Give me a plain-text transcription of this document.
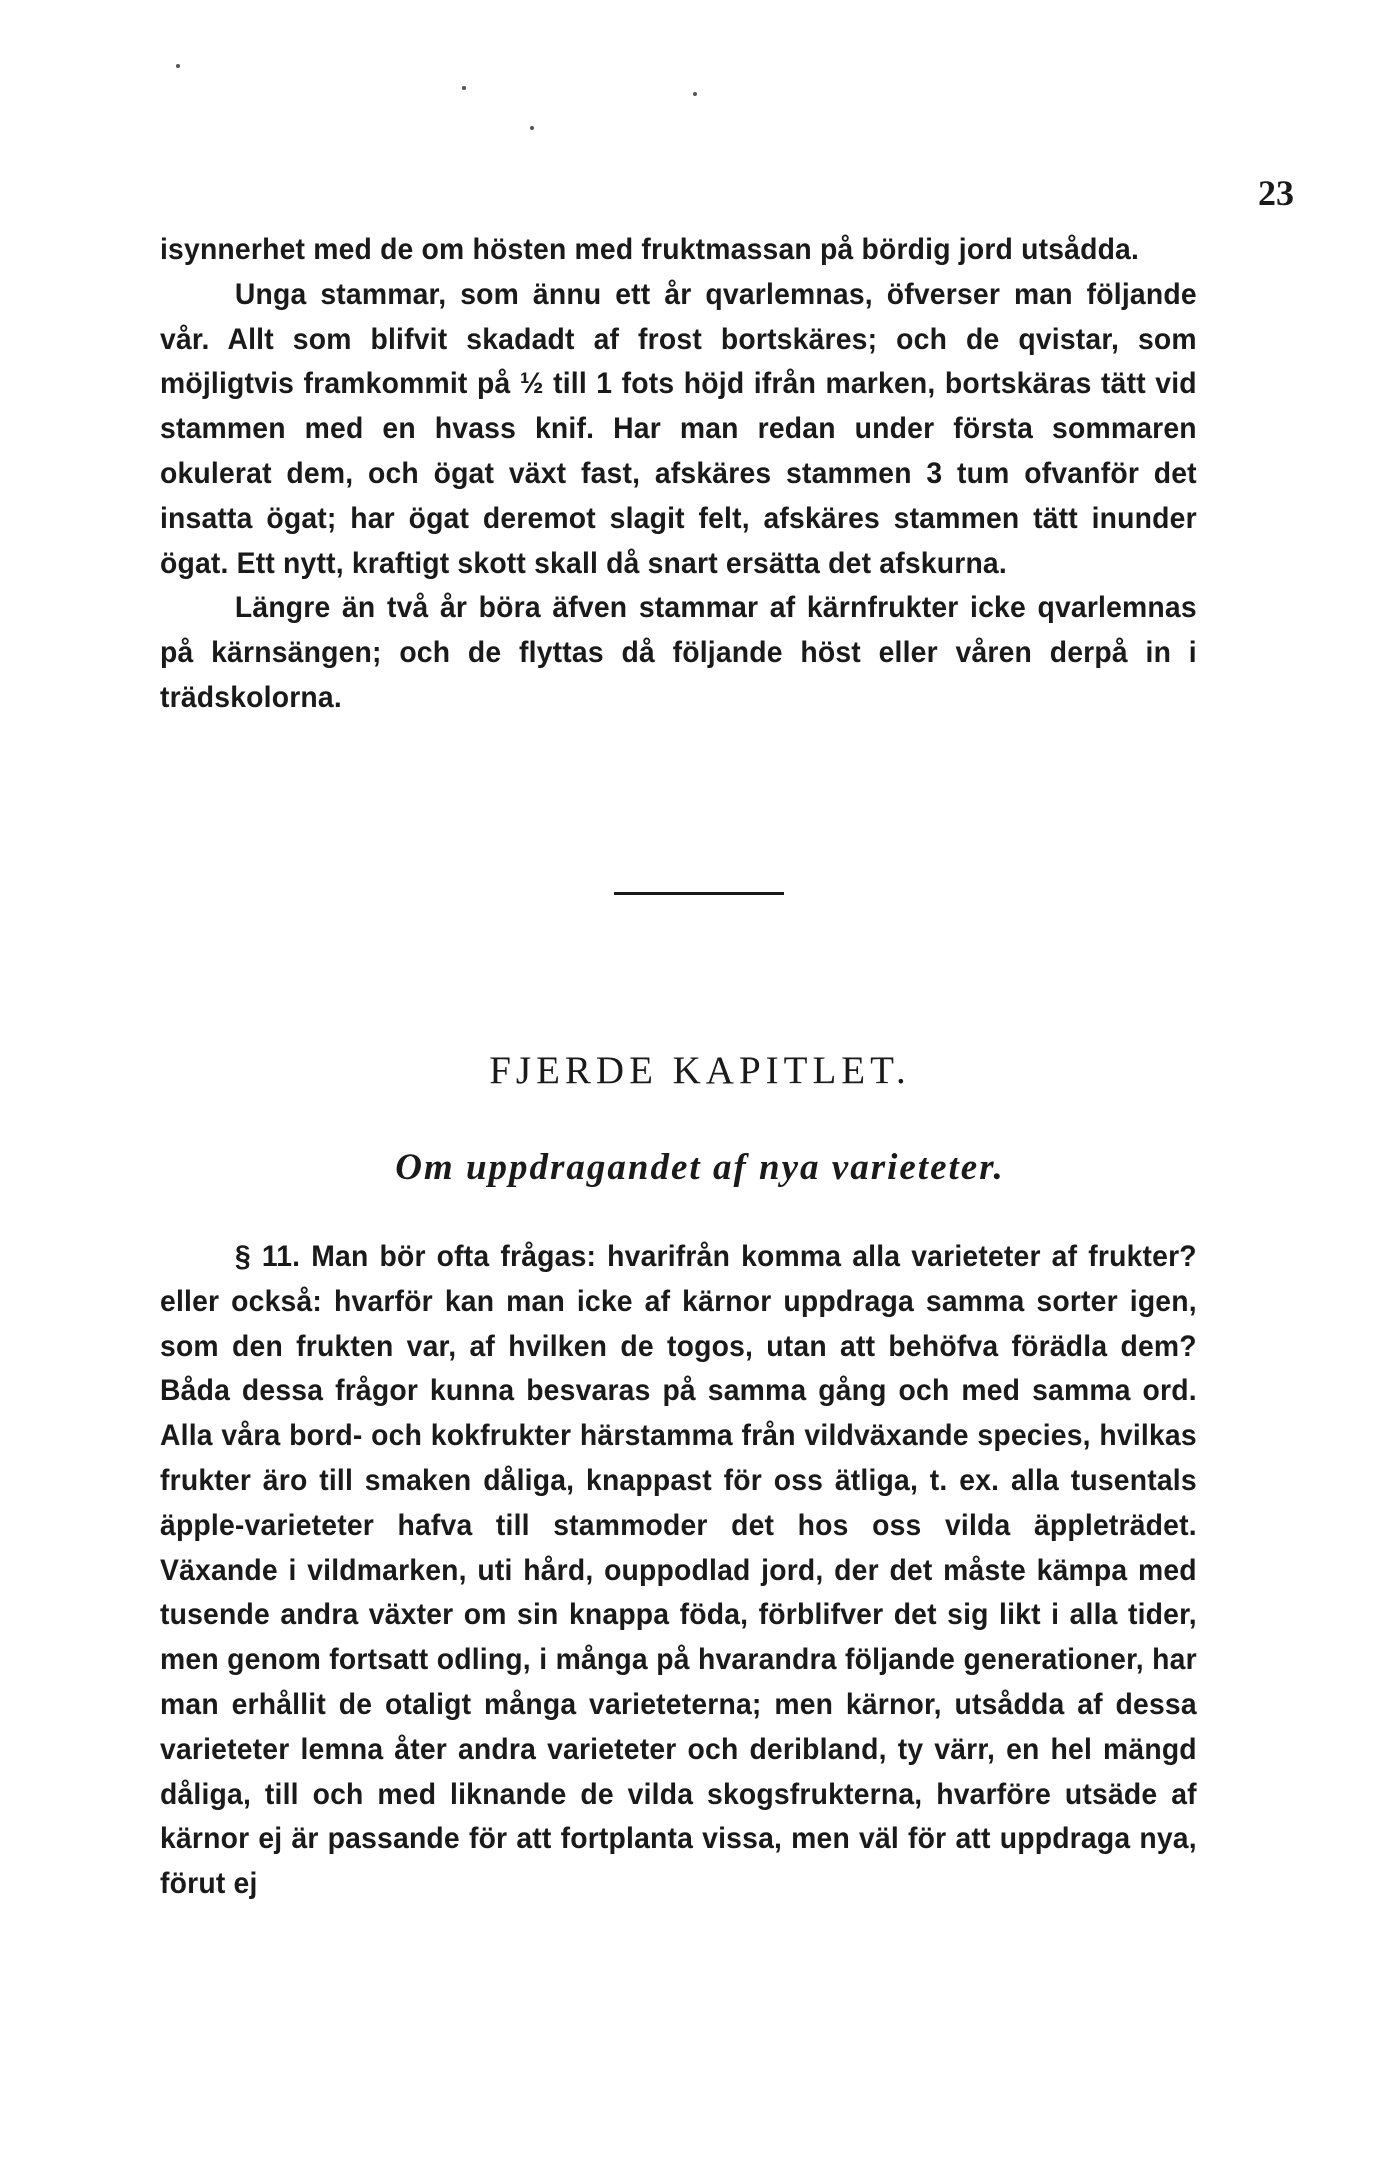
23

isynnerhet med de om hösten med fruktmassan på bördig jord utsådda.

Unga stammar, som ännu ett år qvarlemnas, öfverser man följande vår. Allt som blifvit skadadt af frost bortskäres; och de qvistar, som möjligtvis framkommit på ½ till 1 fots höjd ifrån marken, bortskäras tätt vid stammen med en hvass knif. Har man redan under första sommaren okulerat dem, och ögat växt fast, afskäres stammen 3 tum ofvanför det insatta ögat; har ögat deremot slagit felt, afskäres stammen tätt inunder ögat. Ett nytt, kraftigt skott skall då snart ersätta det afskurna.

Längre än två år böra äfven stammar af kärnfrukter icke qvarlemnas på kärnsängen; och de flyttas då följande höst eller våren derpå in i trädskolorna.

FJERDE KAPITLET.
Om uppdragandet af nya varieteter.

§ 11. Man bör ofta frågas: hvarifrån komma alla varieteter af frukter? eller också: hvarför kan man icke af kärnor uppdraga samma sorter igen, som den frukten var, af hvilken de togos, utan att behöfva förädla dem? Båda dessa frågor kunna besvaras på samma gång och med samma ord. Alla våra bord- och kokfrukter härstamma från vildväxande species, hvilkas frukter äro till smaken dåliga, knappast för oss ätliga, t. ex. alla tusentals äpple-varieteter hafva till stammoder det hos oss vilda äppleträdet. Växande i vildmarken, uti hård, ouppodlad jord, der det måste kämpa med tusende andra växter om sin knappa föda, förblifver det sig likt i alla tider, men genom fortsatt odling, i många på hvarandra följande generationer, har man erhållit de otaligt många varieteterna; men kärnor, utsådda af dessa varieteter lemna åter andra varieteter och deribland, ty värr, en hel mängd dåliga, till och med liknande de vilda skogsfrukterna, hvarföre utsäde af kärnor ej är passande för att fortplanta vissa, men väl för att uppdraga nya, förut ej
